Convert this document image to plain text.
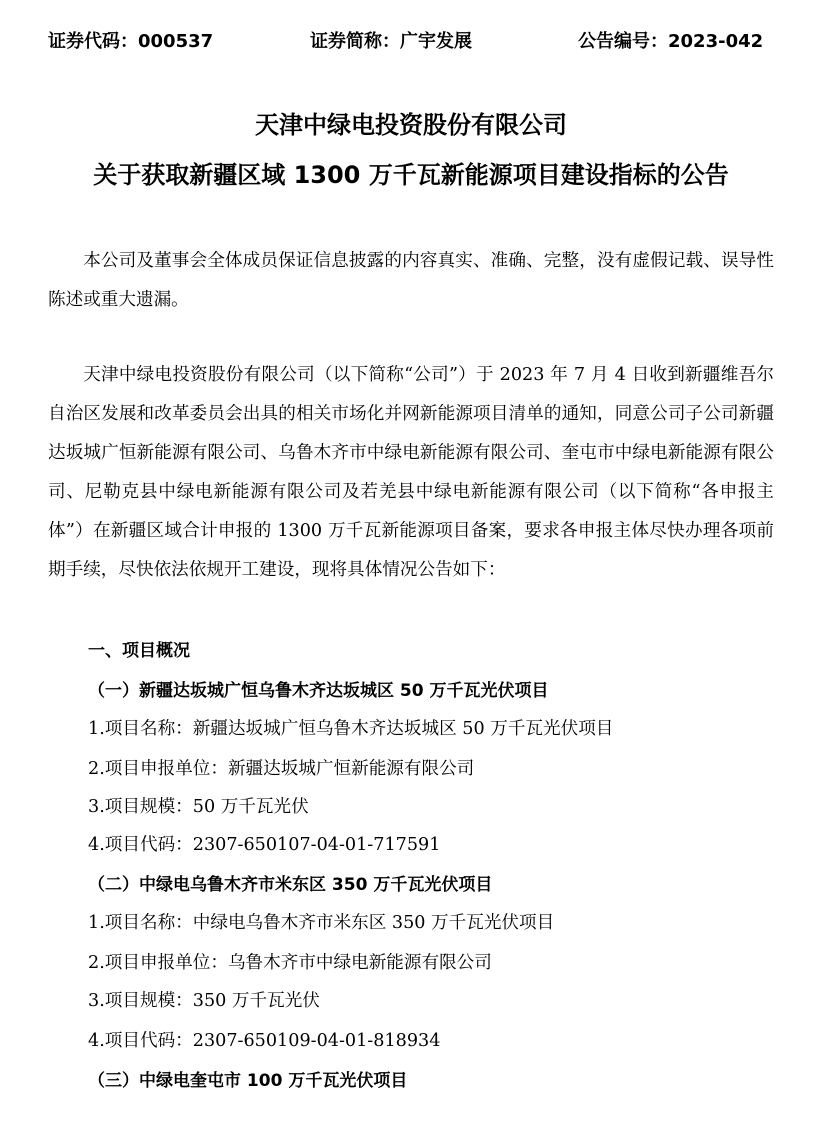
证券代码：000537	证券简称：广宇发展	公告编号：2023-042
天津中绿电投资股份有限公司
关于获取新疆区域 1300 万千瓦新能源项目建设指标的公告

本公司及董事会全体成员保证信息披露的内容真实、准确、完整，没有虚假记载、误导性陈述或重大遗漏。

天津中绿电投资股份有限公司（以下简称“公司”）于 2023 年 7 月 4 日收到新疆维吾尔自治区发展和改革委员会出具的相关市场化并网新能源项目清单的通知，同意公司子公司新疆达坂城广恒新能源有限公司、乌鲁木齐市中绿电新能源有限公司、奎屯市中绿电新能源有限公司、尼勒克县中绿电新能源有限公司及若羌县中绿电新能源有限公司（以下简称“各申报主体”）在新疆区域合计申报的 1300 万千瓦新能源项目备案，要求各申报主体尽快办理各项前期手续，尽快依法依规开工建设，现将具体情况公告如下：

一、项目概况

（一）新疆达坂城广恒乌鲁木齐达坂城区 50 万千瓦光伏项目

1.项目名称：新疆达坂城广恒乌鲁木齐达坂城区 50 万千瓦光伏项目

2.项目申报单位：新疆达坂城广恒新能源有限公司

3.项目规模：50 万千瓦光伏

4.项目代码：2307-650107-04-01-717591

（二）中绿电乌鲁木齐市米东区 350 万千瓦光伏项目

1.项目名称：中绿电乌鲁木齐市米东区 350 万千瓦光伏项目

2.项目申报单位：乌鲁木齐市中绿电新能源有限公司

3.项目规模：350 万千瓦光伏

4.项目代码：2307-650109-04-01-818934

（三）中绿电奎屯市 100 万千瓦光伏项目
